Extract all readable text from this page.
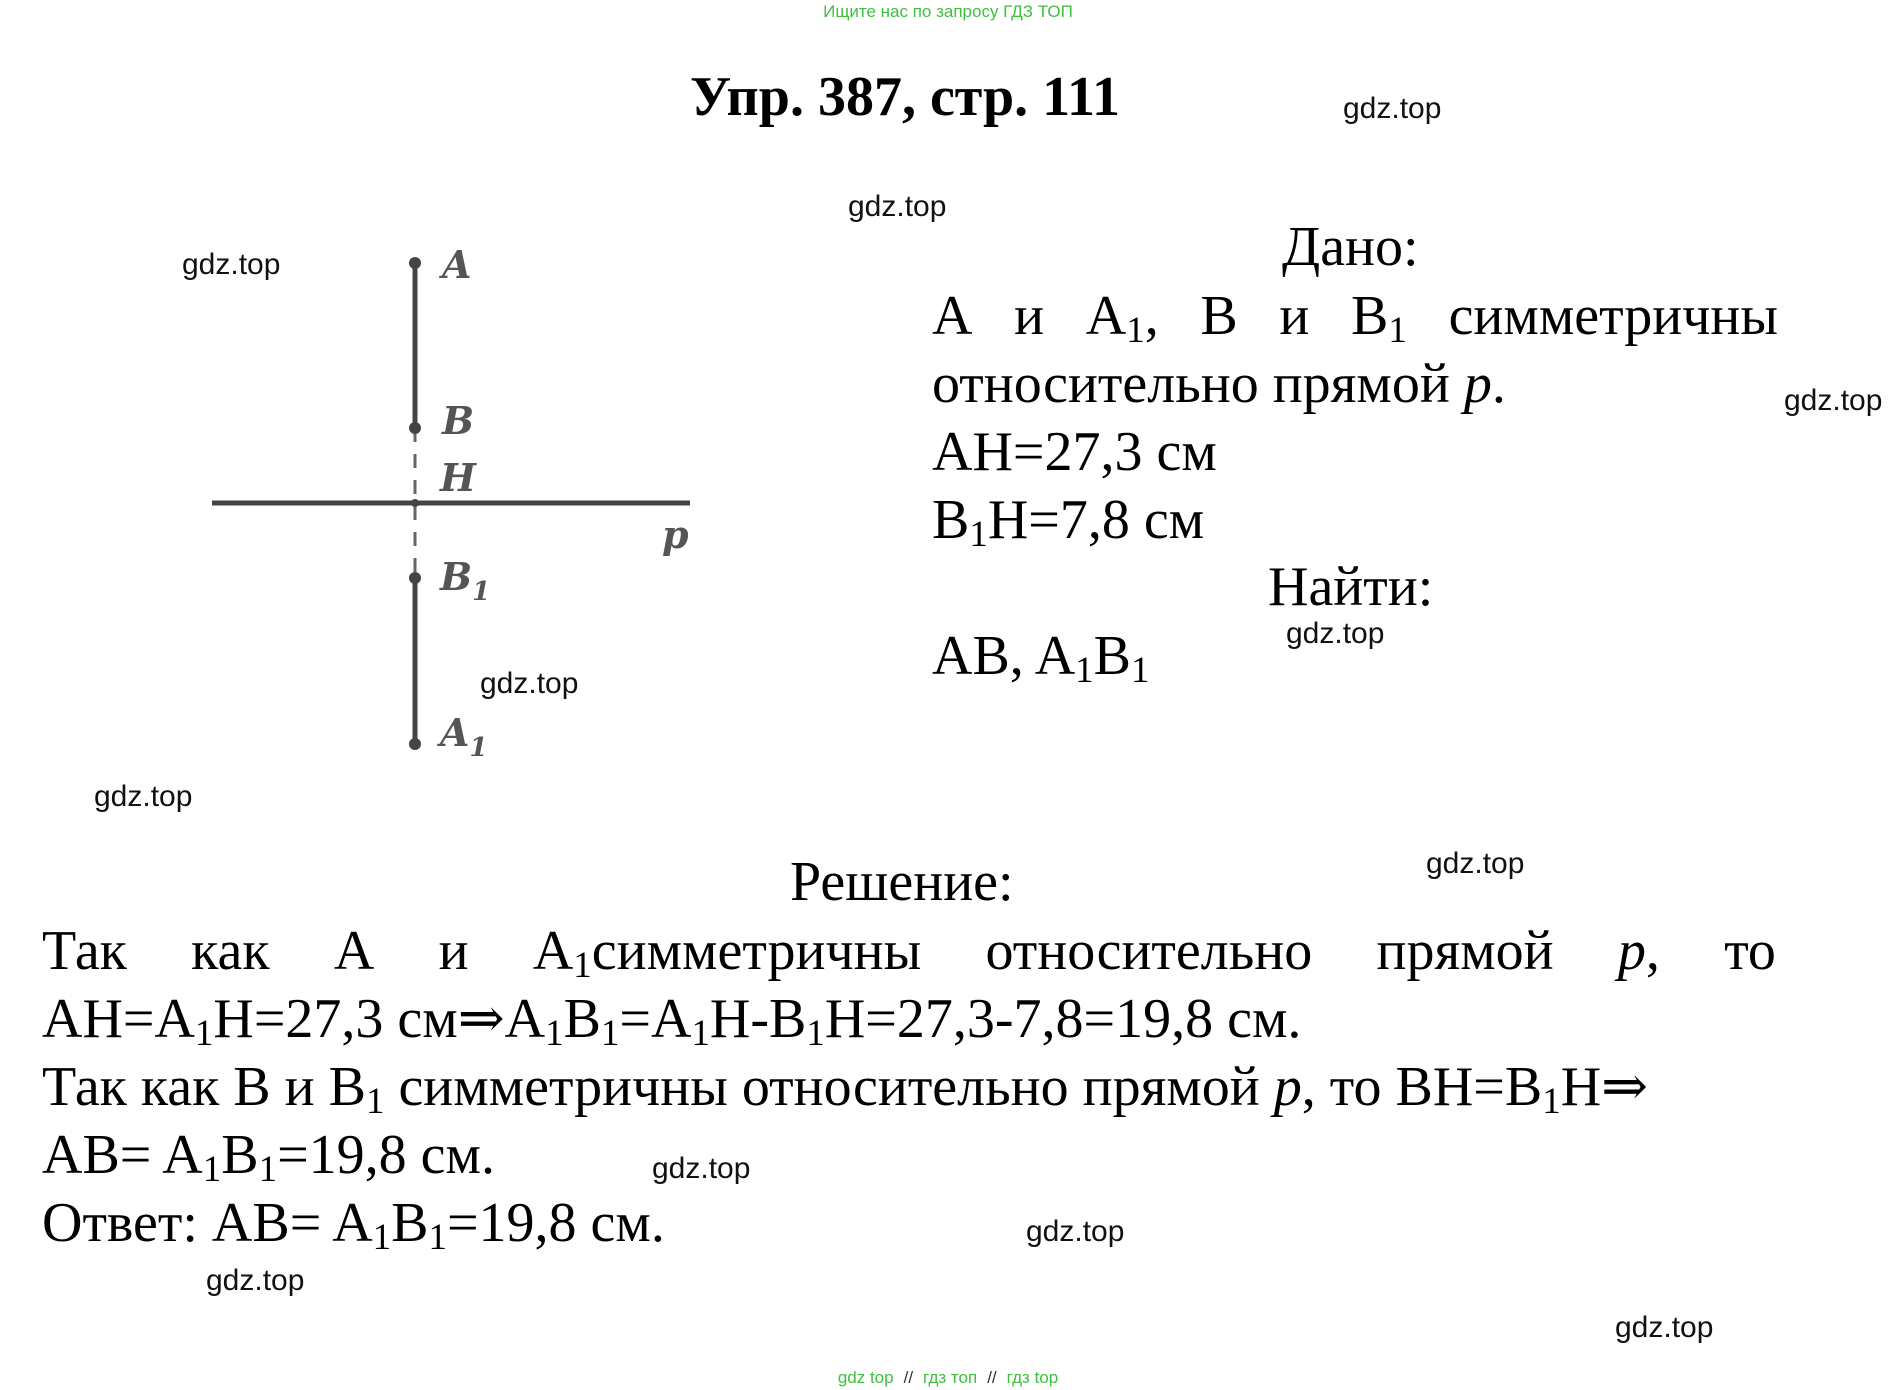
Ищите нас по запросу ГДЗ ТОП
Упр. 387, стр. 111	gdz.top
gdz.top
gdz.top
gdz.top
gdz.top
gdz.top
gdz.top
gdz.top
gdz.top
gdz.top
gdz.top
gdz.top
A
B
H
p
$B_1$
$A_1$
Дано:
A и $A_1$, B и $B_1$ симметричны
относительно прямой p.
AH=27,3 см
$B_1H=7,8$ см
Найти:
AB, $A_1B_1$
Решение:
Так как A и $A_1симметричны$ относительно прямой p, то
$AH=A_1H=27,3$ $см\Rightarrow A_1B_1=A_1H-B_1H=27,3-7,8=19,8$ см.
Так как B и $B_1$ симметричны относительно прямой p, то $BH=B_1H\Rightarrow$
$AB= A_1B_1=19,8$ см.
Ответ: $AB= A_1B_1=19,8$ см.
gdz top // гдз топ // гдз top
